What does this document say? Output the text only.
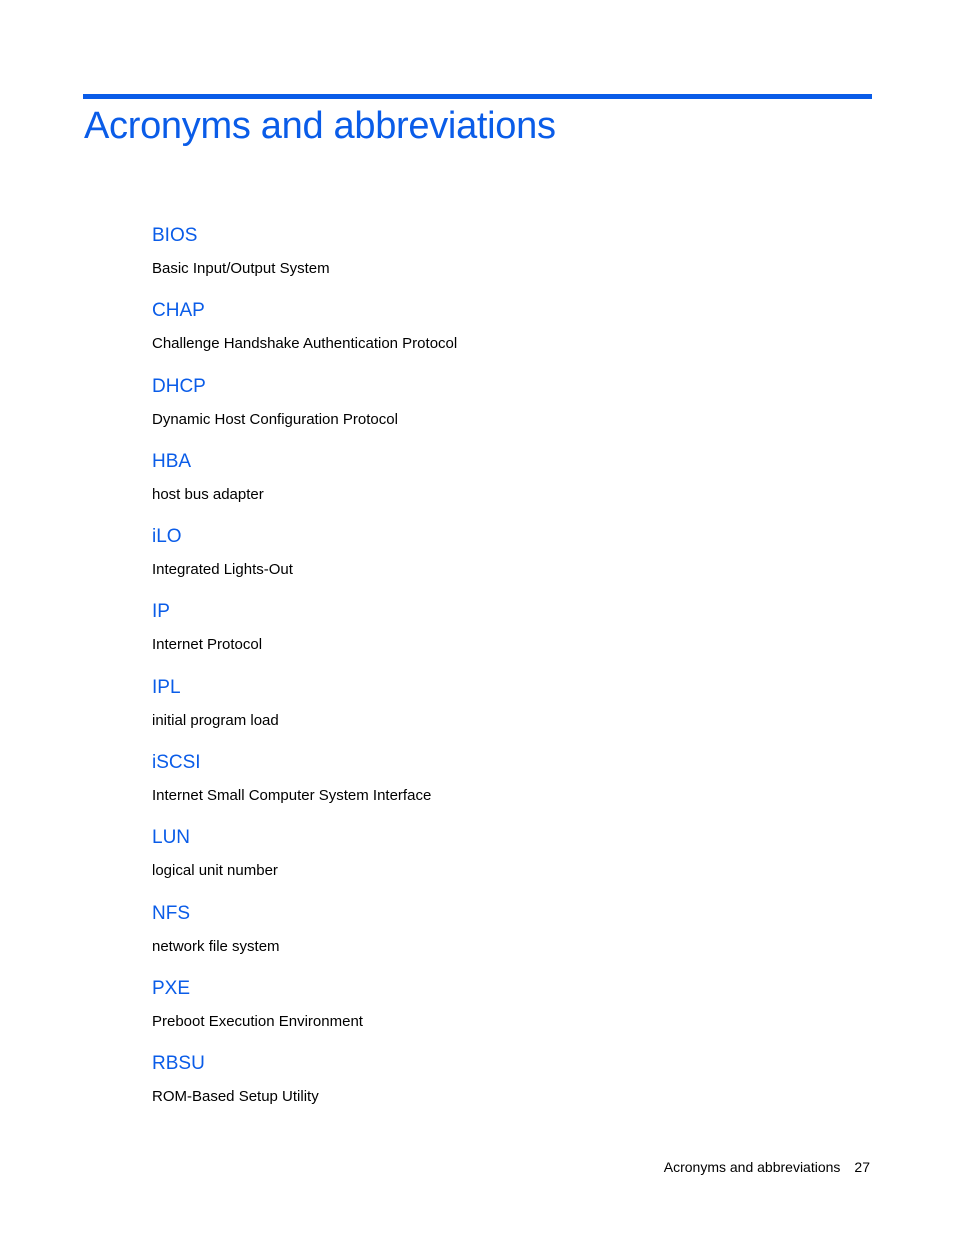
Acronyms and abbreviations
BIOS
Basic Input/Output System
CHAP
Challenge Handshake Authentication Protocol
DHCP
Dynamic Host Configuration Protocol
HBA
host bus adapter
iLO
Integrated Lights-Out
IP
Internet Protocol
IPL
initial program load
iSCSI
Internet Small Computer System Interface
LUN
logical unit number
NFS
network file system
PXE
Preboot Execution Environment
RBSU
ROM-Based Setup Utility
Acronyms and abbreviations 27
